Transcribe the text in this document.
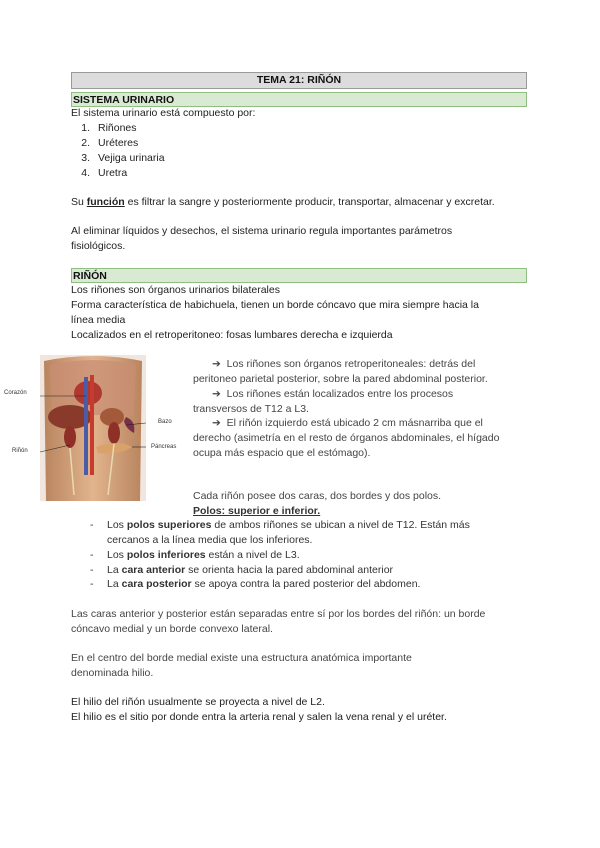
TEMA 21: RIÑÓN
SISTEMA URINARIO
El sistema urinario está compuesto por:
1. Riñones
2. Uréteres
3. Vejiga urinaria
4. Uretra
Su función es filtrar la sangre y posteriormente producir, transportar, almacenar y excretar.
Al eliminar líquidos y desechos, el sistema urinario regula importantes parámetros
fisiológicos.
RIÑÓN
Los riñones son órganos urinarios bilaterales
Forma característica de habichuela, tienen un borde cóncavo que mira siempre hacia la
línea media
Localizados en el retroperitoneo: fosas lumbares derecha e izquierda
Corazón
Bazo
Riñón
Páncreas
➔ Los riñones son órganos retroperitoneales: detrás del
peritoneo parietal posterior, sobre la pared abdominal posterior.
➔ Los riñones están localizados entre los procesos
transversos de T12 a L3.
➔ El riñón izquierdo está ubicado 2 cm másnarriba que el
derecho (asimetría en el resto de órganos abdominales, el hígado
ocupa más espacio que el estómago).
Cada riñón posee dos caras, dos bordes y dos polos.
Polos: superior e inferior.
- Los polos superiores de ambos riñones se ubican a nivel de T12. Están más
cercanos a la línea media que los inferiores.
- Los polos inferiores están a nivel de L3.
- La cara anterior se orienta hacia la pared abdominal anterior
- La cara posterior se apoya contra la pared posterior del abdomen.
Las caras anterior y posterior están separadas entre sí por los bordes del riñón: un borde
cóncavo medial y un borde convexo lateral.
En el centro del borde medial existe una estructura anatómica importante
denominada hilio.
El hilio del riñón usualmente se proyecta a nivel de L2.
El hilio es el sitio por donde entra la arteria renal y salen la vena renal y el uréter.
